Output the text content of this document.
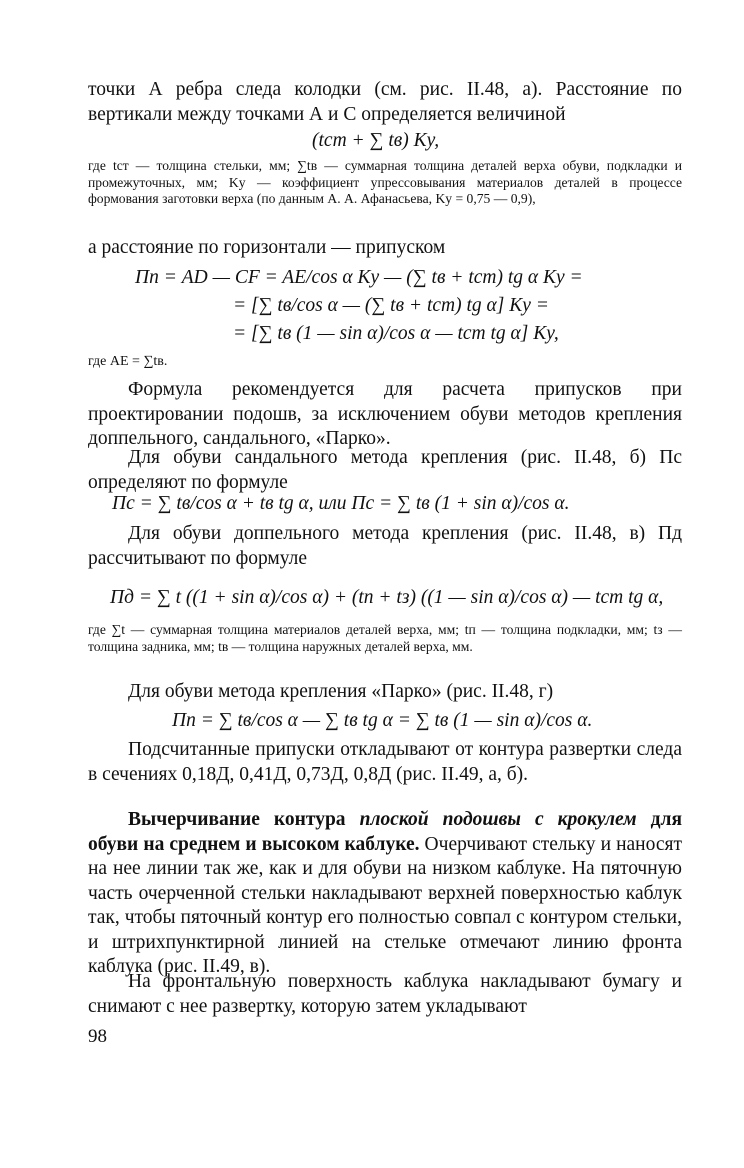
точки А ребра следа колодки (см. рис. II.48, а). Расстояние по вертикали между точками А и С определяется величиной

(tст + ∑ tв) Kу,

где tст — толщина стельки, мм; ∑tв — суммарная толщина деталей верха обуви, подкладки и промежуточных, мм; Kу — коэффициент упрессовывания материалов деталей в процессе формования заготовки верха (по данным А. А. Афанасьева, Kу = 0,75 — 0,9),

а расстояние по горизонтали — припуском

Пп = AD — CF = AE/cos α Kу — (∑ tв + tст) tg α Kу =
= [∑ tв/cos α — (∑ tв + tст) tg α] Kу =
= [∑ tв (1 — sin α)/cos α — tст tg α] Kу,
где AE = ∑tв.

Формула рекомендуется для расчета припусков при проектировании подошв, за исключением обуви методов крепления доппельного, сандального, «Парко».

Для обуви сандального метода крепления (рис. II.48, б) Пс определяют по формуле

Пс = ∑ tв/cos α + tв tg α, или Пс = ∑ tв (1 + sin α)/cos α.

Для обуви доппельного метода крепления (рис. II.48, в) Пд рассчитывают по формуле

Пд = ∑ t ((1 + sin α)/cos α) + (tп + tз) ((1 — sin α)/cos α) — tст tg α,

где ∑t — суммарная толщина материалов деталей верха, мм; tп — толщина подкладки, мм; tз — толщина задника, мм; tв — толщина наружных деталей верха, мм.

Для обуви метода крепления «Парко» (рис. II.48, г)

Пп = ∑ tв/cos α — ∑ tв tg α = ∑ tв (1 — sin α)/cos α.

Подсчитанные припуски откладывают от контура развертки следа в сечениях 0,18Д, 0,41Д, 0,73Д, 0,8Д (рис. II.49, а, б).

Вычерчивание контура плоской подошвы с крокулем для обуви на среднем и высоком каблуке. Очерчивают стельку и наносят на нее линии так же, как и для обуви на низком каблуке. На пяточную часть очерченной стельки накладывают верхней поверхностью каблук так, чтобы пяточный контур его полностью совпал с контуром стельки, и штрихпунктирной линией на стельке отмечают линию фронта каблука (рис. II.49, в).

На фронтальную поверхность каблука накладывают бумагу и снимают с нее развертку, которую затем укладывают

98
